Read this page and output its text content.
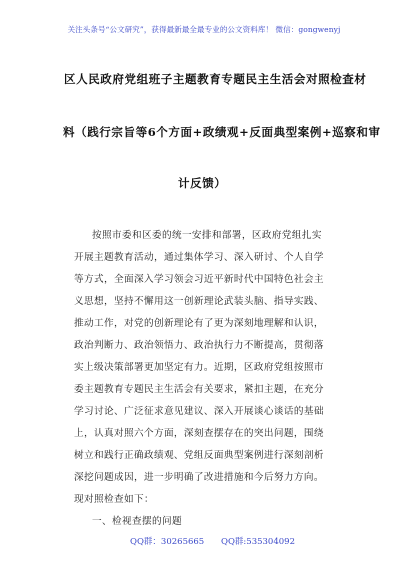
关注头条号“公文研究”，获得最新最全最专业的公文资料库！ 微信：gongwenyj
区人民政府党组班子主题教育专题民主生活会对照检查材
料（践行宗旨等6个方面+政绩观+反面典型案例+巡察和审
计反馈）
按照市委和区委的统一安排和部署，区政府党组扎实
开展主题教育活动，通过集体学习、深入研讨、个人自学
等方式，全面深入学习领会习近平新时代中国特色社会主
义思想，坚持不懈用这一创新理论武装头脑、指导实践、
推动工作，对党的创新理论有了更为深刻地理解和认识，
政治判断力、政治领悟力、政治执行力不断提高，贯彻落
实上级决策部署更加坚定有力。近期，区政府党组按照市
委主题教育专题民主生活会有关要求，紧扣主题，在充分
学习讨论、广泛征求意见建议、深入开展谈心谈话的基础
上，认真对照六个方面，深刻查摆存在的突出问题，围绕
树立和践行正确政绩观、党组反面典型案例进行深刻剖析
深挖问题成因，进一步明确了改进措施和今后努力方向。
现对照检查如下：
一、检视查摆的问题
QQ群：30265665 QQ群:535304092
